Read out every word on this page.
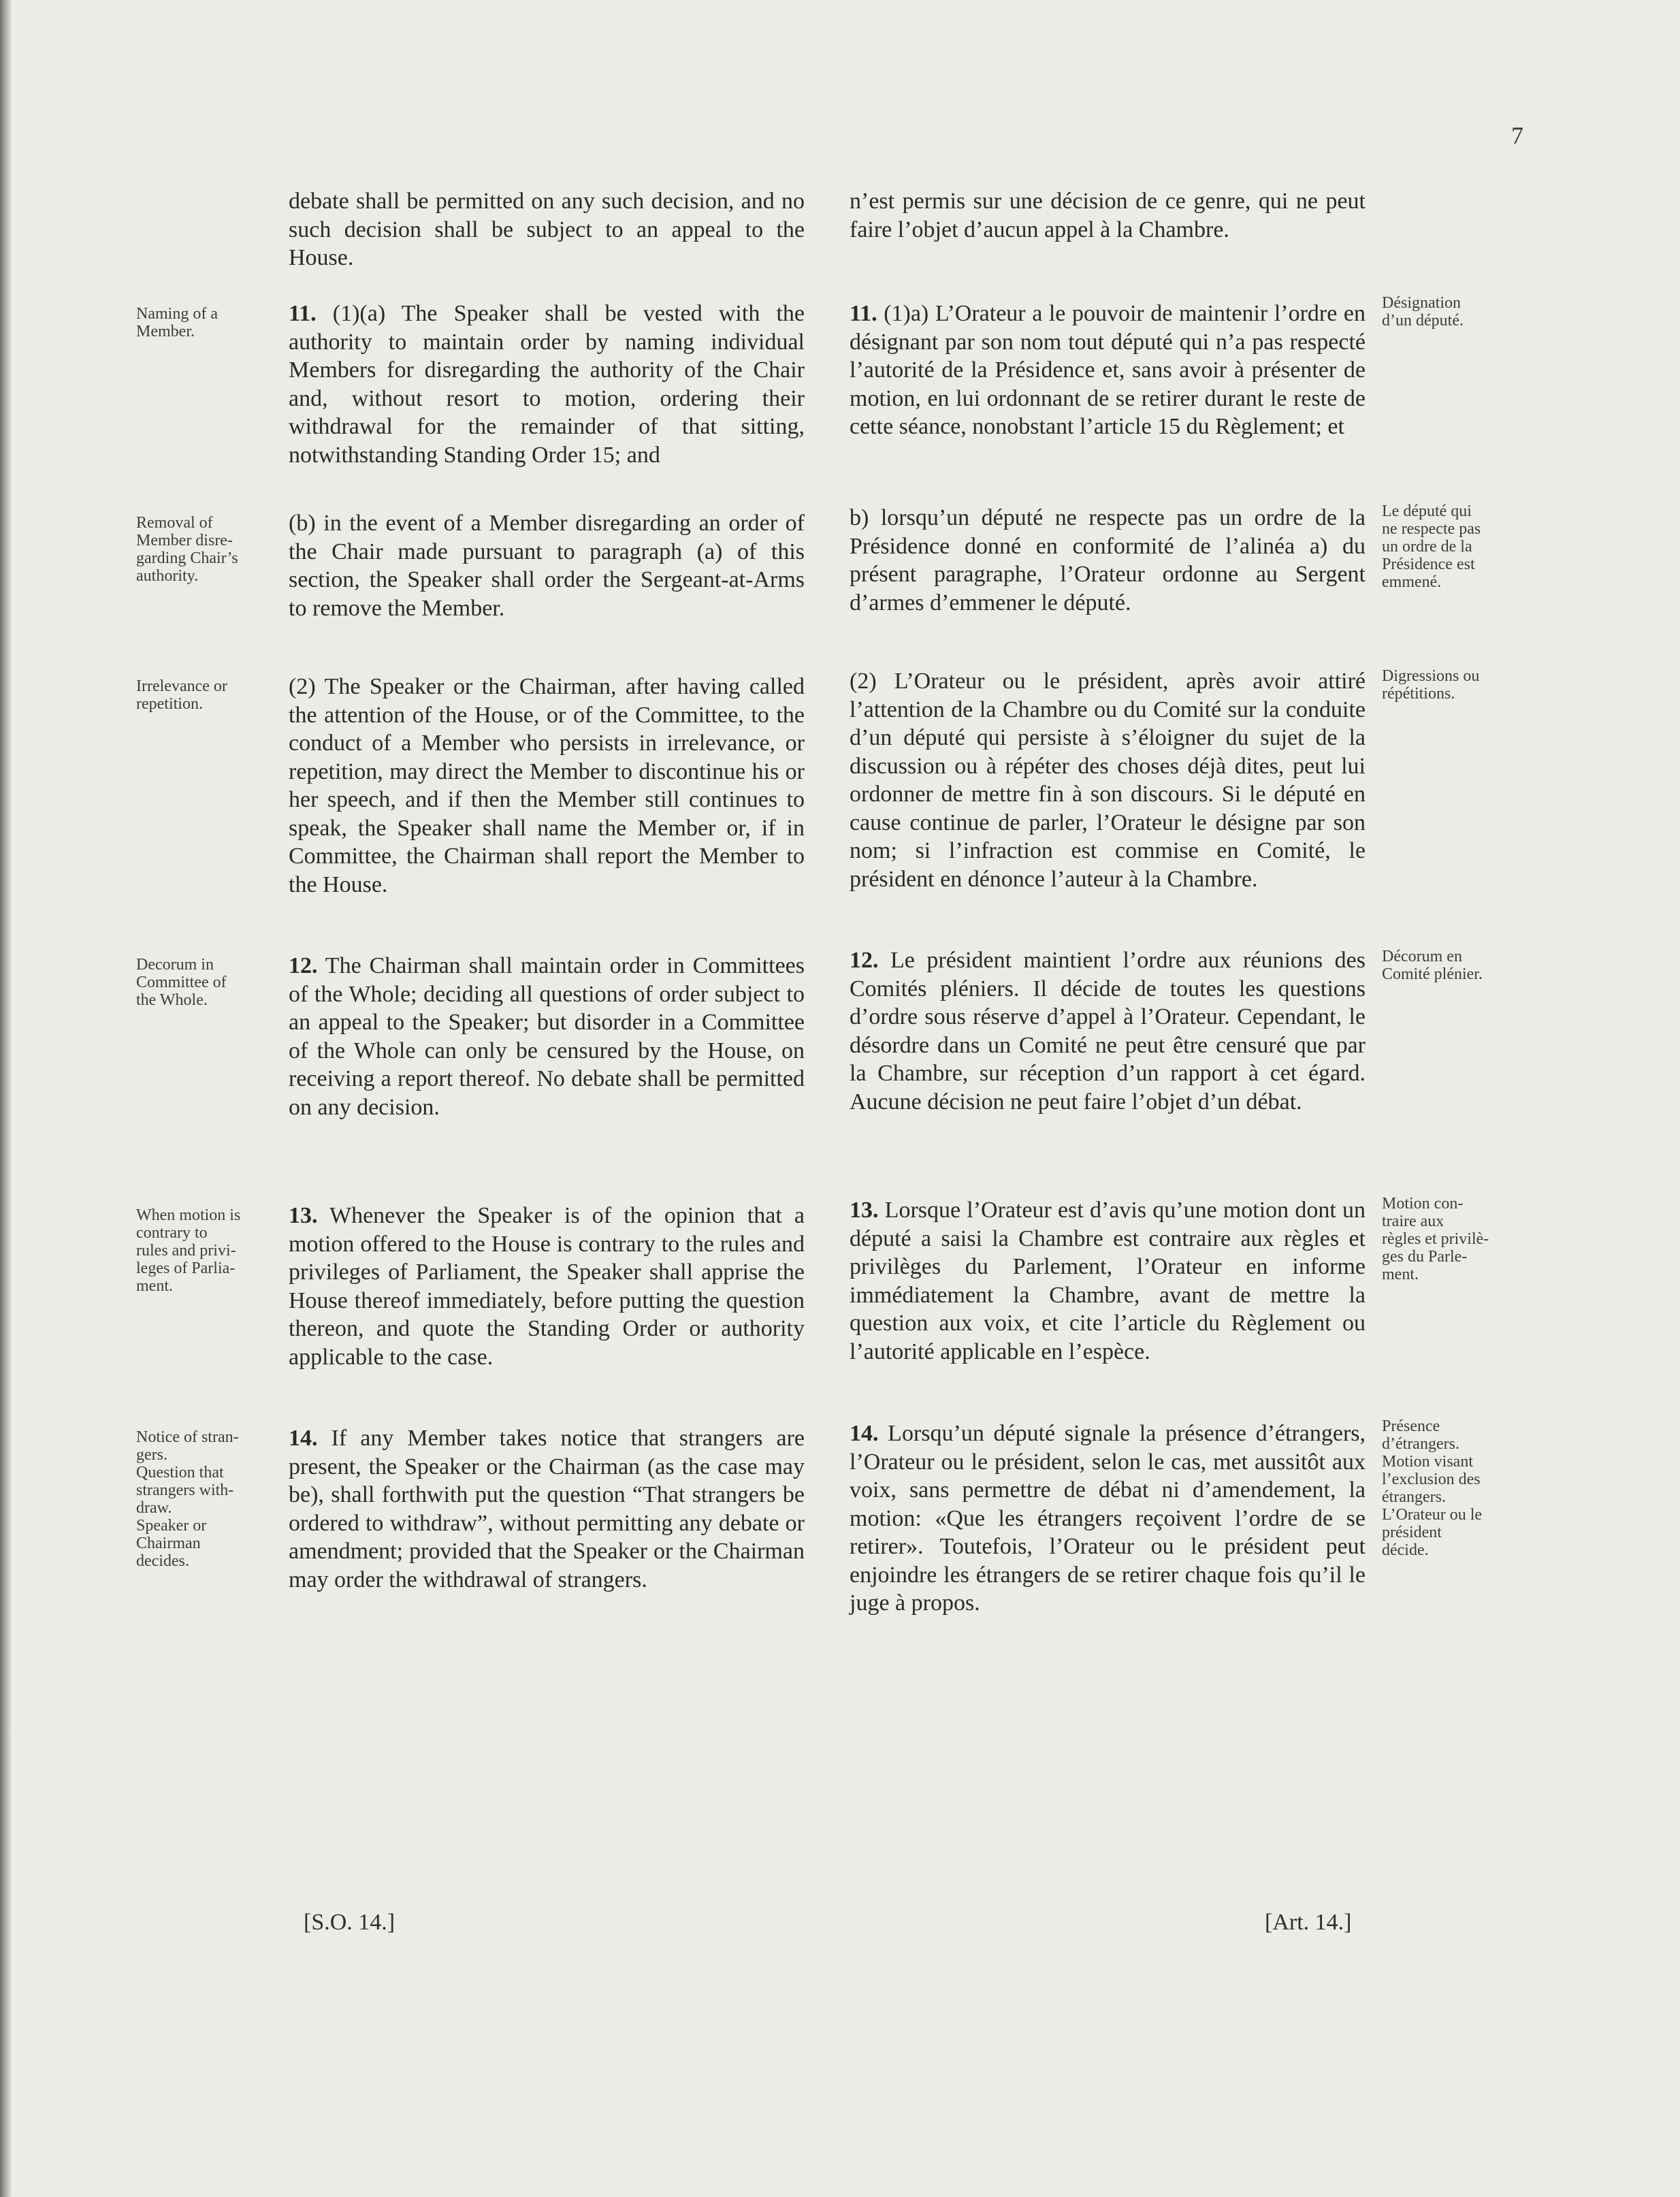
7

debate shall be permitted on any such decision, and no such decision shall be subject to an appeal to the House.

11. (1)(a) The Speaker shall be vested with the authority to maintain order by naming individual Members for disregarding the authority of the Chair and, without resort to motion, ordering their withdrawal for the remainder of that sitting, notwithstanding Standing Order 15; and

(b) in the event of a Member disregarding an order of the Chair made pursuant to paragraph (a) of this section, the Speaker shall order the Sergeant-at-Arms to remove the Member.

(2) The Speaker or the Chairman, after having called the attention of the House, or of the Committee, to the conduct of a Member who persists in irrelevance, or repetition, may direct the Member to discontinue his or her speech, and if then the Member still continues to speak, the Speaker shall name the Member or, if in Committee, the Chairman shall report the Member to the House.

12. The Chairman shall maintain order in Committees of the Whole; deciding all questions of order subject to an appeal to the Speaker; but disorder in a Committee of the Whole can only be censured by the House, on receiving a report thereof. No debate shall be permitted on any decision.

13. Whenever the Speaker is of the opinion that a motion offered to the House is contrary to the rules and privileges of Parliament, the Speaker shall apprise the House thereof immediately, before putting the question thereon, and quote the Standing Order or authority applicable to the case.

14. If any Member takes notice that strangers are present, the Speaker or the Chairman (as the case may be), shall forthwith put the question “That strangers be ordered to withdraw”, without permitting any debate or amendment; provided that the Speaker or the Chairman may order the withdrawal of strangers.

n’est permis sur une décision de ce genre, qui ne peut faire l’objet d’aucun appel à la Chambre.

11. (1)a) L’Orateur a le pouvoir de maintenir l’ordre en désignant par son nom tout député qui n’a pas respecté l’autorité de la Présidence et, sans avoir à présenter de motion, en lui ordonnant de se retirer durant le reste de cette séance, nonobstant l’article 15 du Règlement; et

b) lorsqu’un député ne respecte pas un ordre de la Présidence donné en conformité de l’alinéa a) du présent paragraphe, l’Orateur ordonne au Sergent d’armes d’emmener le député.

(2) L’Orateur ou le président, après avoir attiré l’attention de la Chambre ou du Comité sur la conduite d’un député qui persiste à s’éloigner du sujet de la discussion ou à répéter des choses déjà dites, peut lui ordonner de mettre fin à son discours. Si le député en cause continue de parler, l’Orateur le désigne par son nom; si l’infraction est commise en Comité, le président en dénonce l’auteur à la Chambre.

12. Le président maintient l’ordre aux réunions des Comités pléniers. Il décide de toutes les questions d’ordre sous réserve d’appel à l’Orateur. Cependant, le désordre dans un Comité ne peut être censuré que par la Chambre, sur réception d’un rapport à cet égard. Aucune décision ne peut faire l’objet d’un débat.

13. Lorsque l’Orateur est d’avis qu’une motion dont un député a saisi la Chambre est contraire aux règles et privilèges du Parlement, l’Orateur en informe immédiatement la Chambre, avant de mettre la question aux voix, et cite l’article du Règlement ou l’autorité applicable en l’espèce.

14. Lorsqu’un député signale la présence d’étrangers, l’Orateur ou le président, selon le cas, met aussitôt aux voix, sans permettre de débat ni d’amendement, la motion: «Que les étrangers reçoivent l’ordre de se retirer». Toutefois, l’Orateur ou le président peut enjoindre les étrangers de se retirer chaque fois qu’il le juge à propos.

Naming of a
Member.
Removal of
Member disre-
garding Chair’s
authority.
Irrelevance or
repetition.
Decorum in
Committee of
the Whole.
When motion is
contrary to
rules and privi-
leges of Parlia-
ment.
Notice of stran-
gers.
Question that
strangers with-
draw.
Speaker or
Chairman
decides.
Désignation
d’un député.
Le député qui
ne respecte pas
un ordre de la
Présidence est
emmené.
Digressions ou
répétitions.
Décorum en
Comité plénier.
Motion con-
traire aux
règles et privilè-
ges du Parle-
ment.
Présence
d’étrangers.
Motion visant
l’exclusion des
étrangers.
L’Orateur ou le
président
décide.
[S.O. 14.]	[Art. 14.]
